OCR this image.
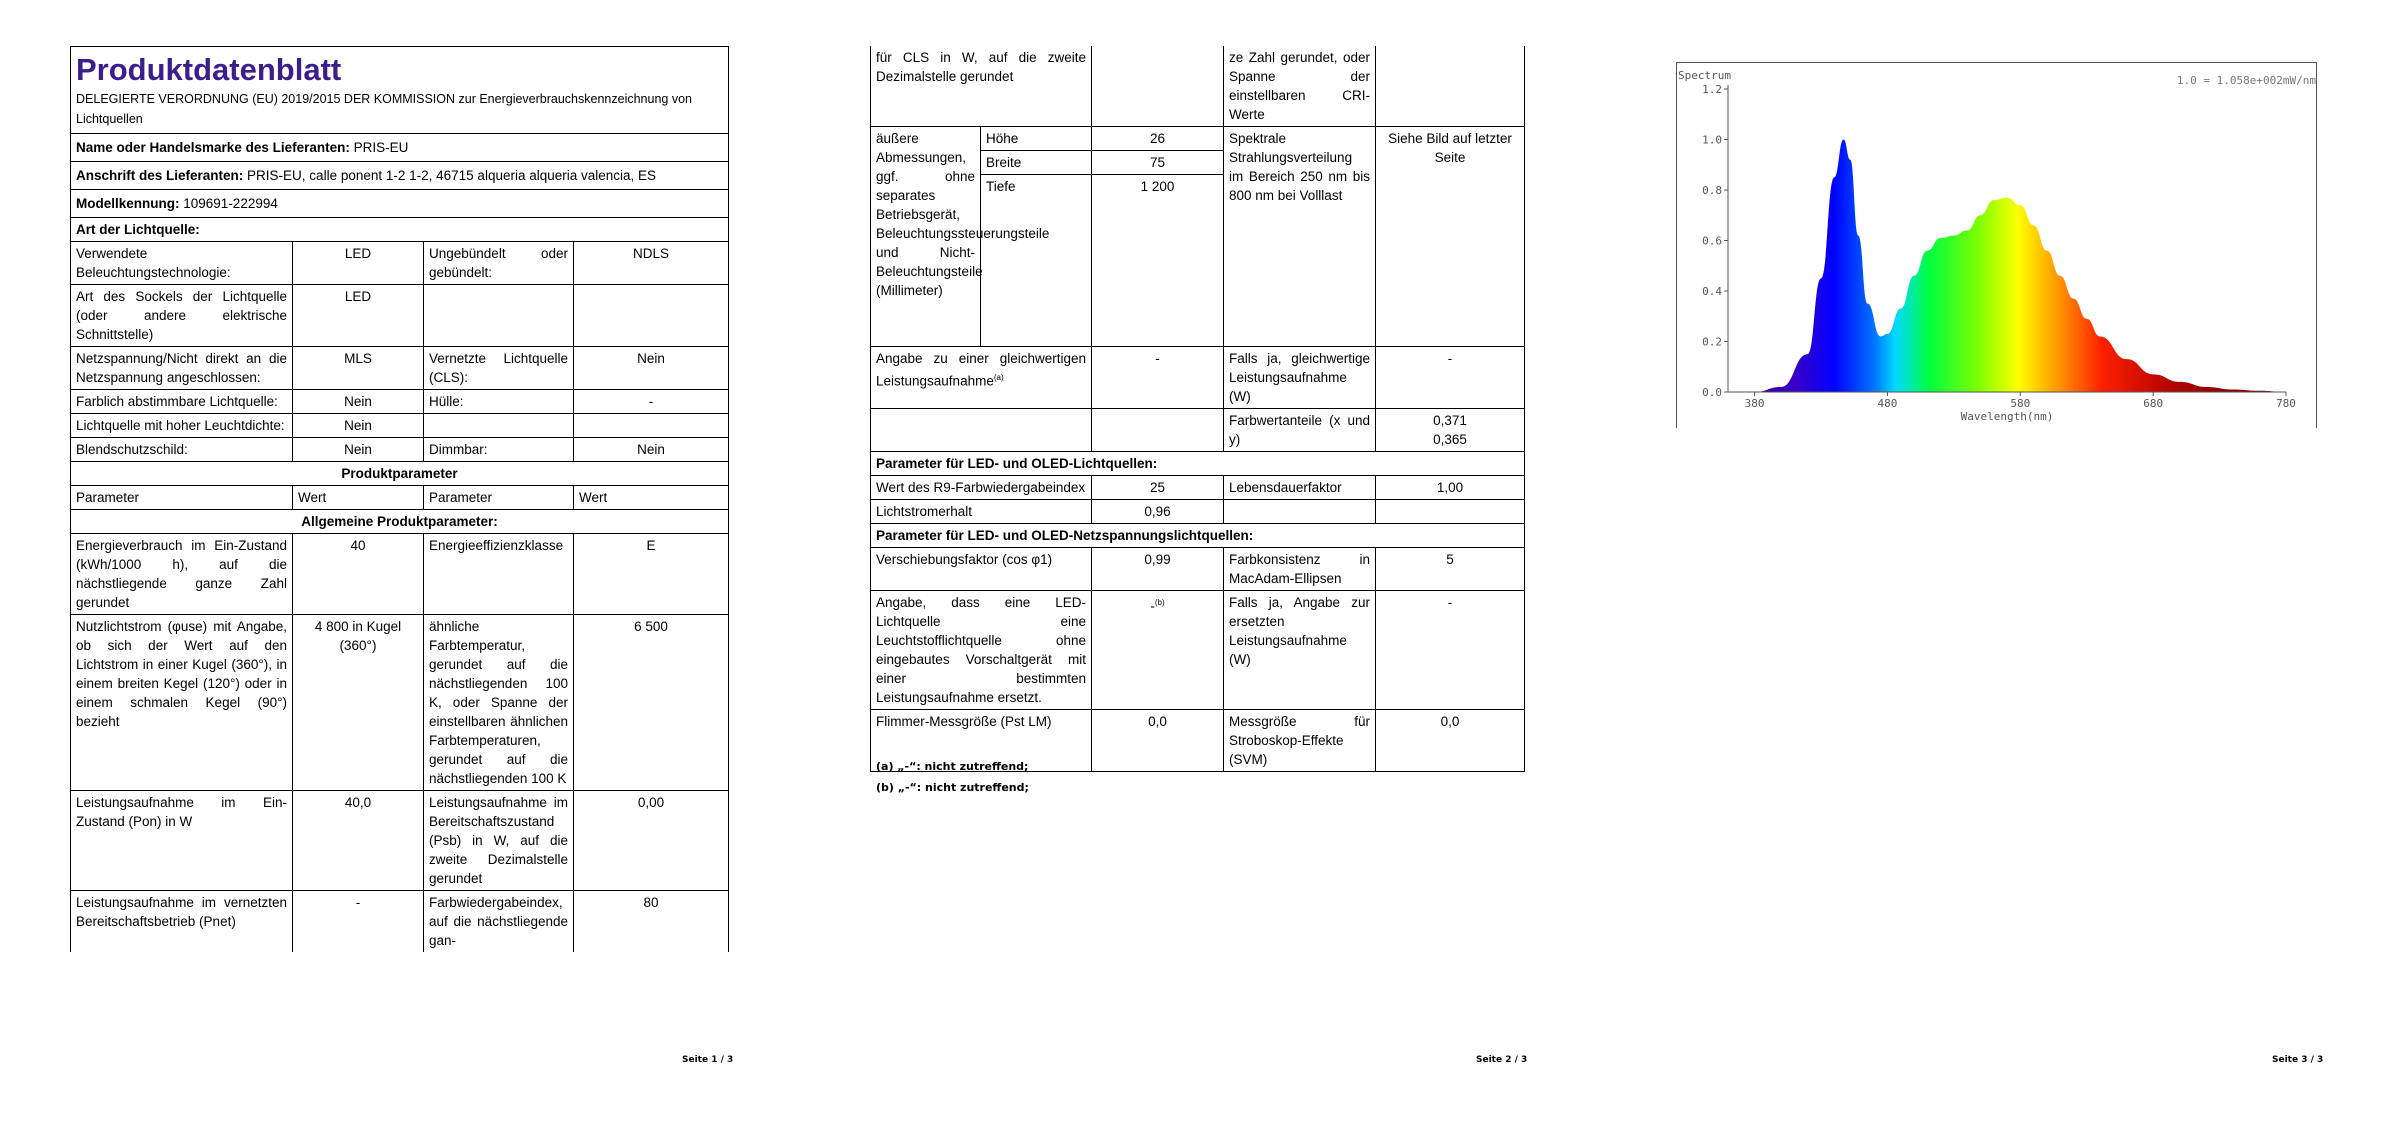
Produktdatenblatt
DELEGIERTE VERORDNUNG (EU) 2019/2015 DER KOMMISSION zur Energieverbrauchskennzeichnung von Lichtquellen			
Name oder Handelsmarke des Lieferanten: PRIS-EU			
Anschrift des Lieferanten: PRIS-EU, calle ponent 1-2 1-2, 46715 alqueria alqueria valencia, ES			
Modellkennung: 109691-222994			
Art der Lichtquelle:			
Verwendete Beleuchtungstechnologie:	LED	Ungebündelt oder gebündelt:	NDLS
Art des Sockels der Lichtquelle (oder andere elektrische Schnittstelle)	LED		
Netzspannung/Nicht direkt an die Netzspannung angeschlossen:	MLS	Vernetzte Lichtquelle (CLS):	Nein
Farblich abstimmbare Lichtquelle:	Nein	Hülle:	-
Lichtquelle mit hoher Leuchtdichte:	Nein		
Blendschutzschild:	Nein	Dimmbar:	Nein
Produktparameter			
Parameter	Wert	Parameter	Wert
Allgemeine Produktparameter:			
Energieverbrauch im Ein-Zustand (kWh/1000 h), auf die nächstliegende ganze Zahl gerundet	40	Energieeffizienzklasse	E
Nutzlichtstrom (φuse) mit Angabe, ob sich der Wert auf den Lichtstrom in einer Kugel (360°), in einem breiten Kegel (120°) oder in einem schmalen Kegel (90°) bezieht	4 800 in Kugel (360°)	ähnliche Farbtemperatur, gerundet auf die nächstliegenden 100 K, oder Spanne der einstellbaren ähnlichen Farbtemperaturen, gerundet auf die nächstliegenden 100 K	6 500
Leistungsaufnahme im Ein-Zustand (Pon) in W	40,0	Leistungsaufnahme im Bereitschaftszustand (Psb) in W, auf die zweite Dezimalstelle gerundet	0,00
Leistungsaufnahme im vernetzten Bereitschaftsbetrieb (Pnet)	-	Farbwiedergabeindex, auf die nächstliegende gan-	80
Seite 1 / 3
für CLS in W, auf die zweite Dezimalstelle gerundet			ze Zahl gerundet, oder Spanne der einstellbaren CRI-Werte	
äußere Abmessungen, ggf. ohne separates Betriebsgerät, Beleuchtungssteuerungsteile und Nicht-Beleuchtungsteile (Millimeter)	Höhe	26	Spektrale Strahlungsverteilung im Bereich 250 nm bis 800 nm bei Volllast	Siehe Bild auf letzter Seite
	Breite	75		
	Tiefe	1 200		
Angabe zu einer gleichwertigen Leistungsaufnahme$^{(a)}$		-	Falls ja, gleichwertige Leistungsaufnahme (W)	-
			Farbwertanteile (x und y)	0,371
0,365
Parameter für LED- und OLED-Lichtquellen:				
Wert des R9-Farbwiedergabeindex		25	Lebensdauerfaktor	1,00
Lichtstromerhalt		0,96		
Parameter für LED- und OLED-Netzspannungslichtquellen:				
Verschiebungsfaktor (cos φ1)		0,99	Farbkonsistenz in MacAdam-Ellipsen	5
Angabe, dass eine LED-Lichtquelle eine Leuchtstofflichtquelle ohne eingebautes Vorschaltgerät mit einer bestimmten Leistungsaufnahme ersetzt.		-$^{(b)}$	Falls ja, Angabe zur ersetzten Leistungsaufnahme (W)	-
Flimmer-Messgröße (Pst LM)		0,0	Messgröße für Stroboskop-Effekte (SVM)	0,0
(a) „-“: nicht zutreffend;
(b) „-“: nicht zutreffend;
Seite 2 / 3
Spectrum	1.0 = 1.058e+002mW/nm
0.0
0.2
0.4
0.6
0.8
1.0
1.2
380	480	580	680	780
Wavelength(nm)
Seite 3 / 3
